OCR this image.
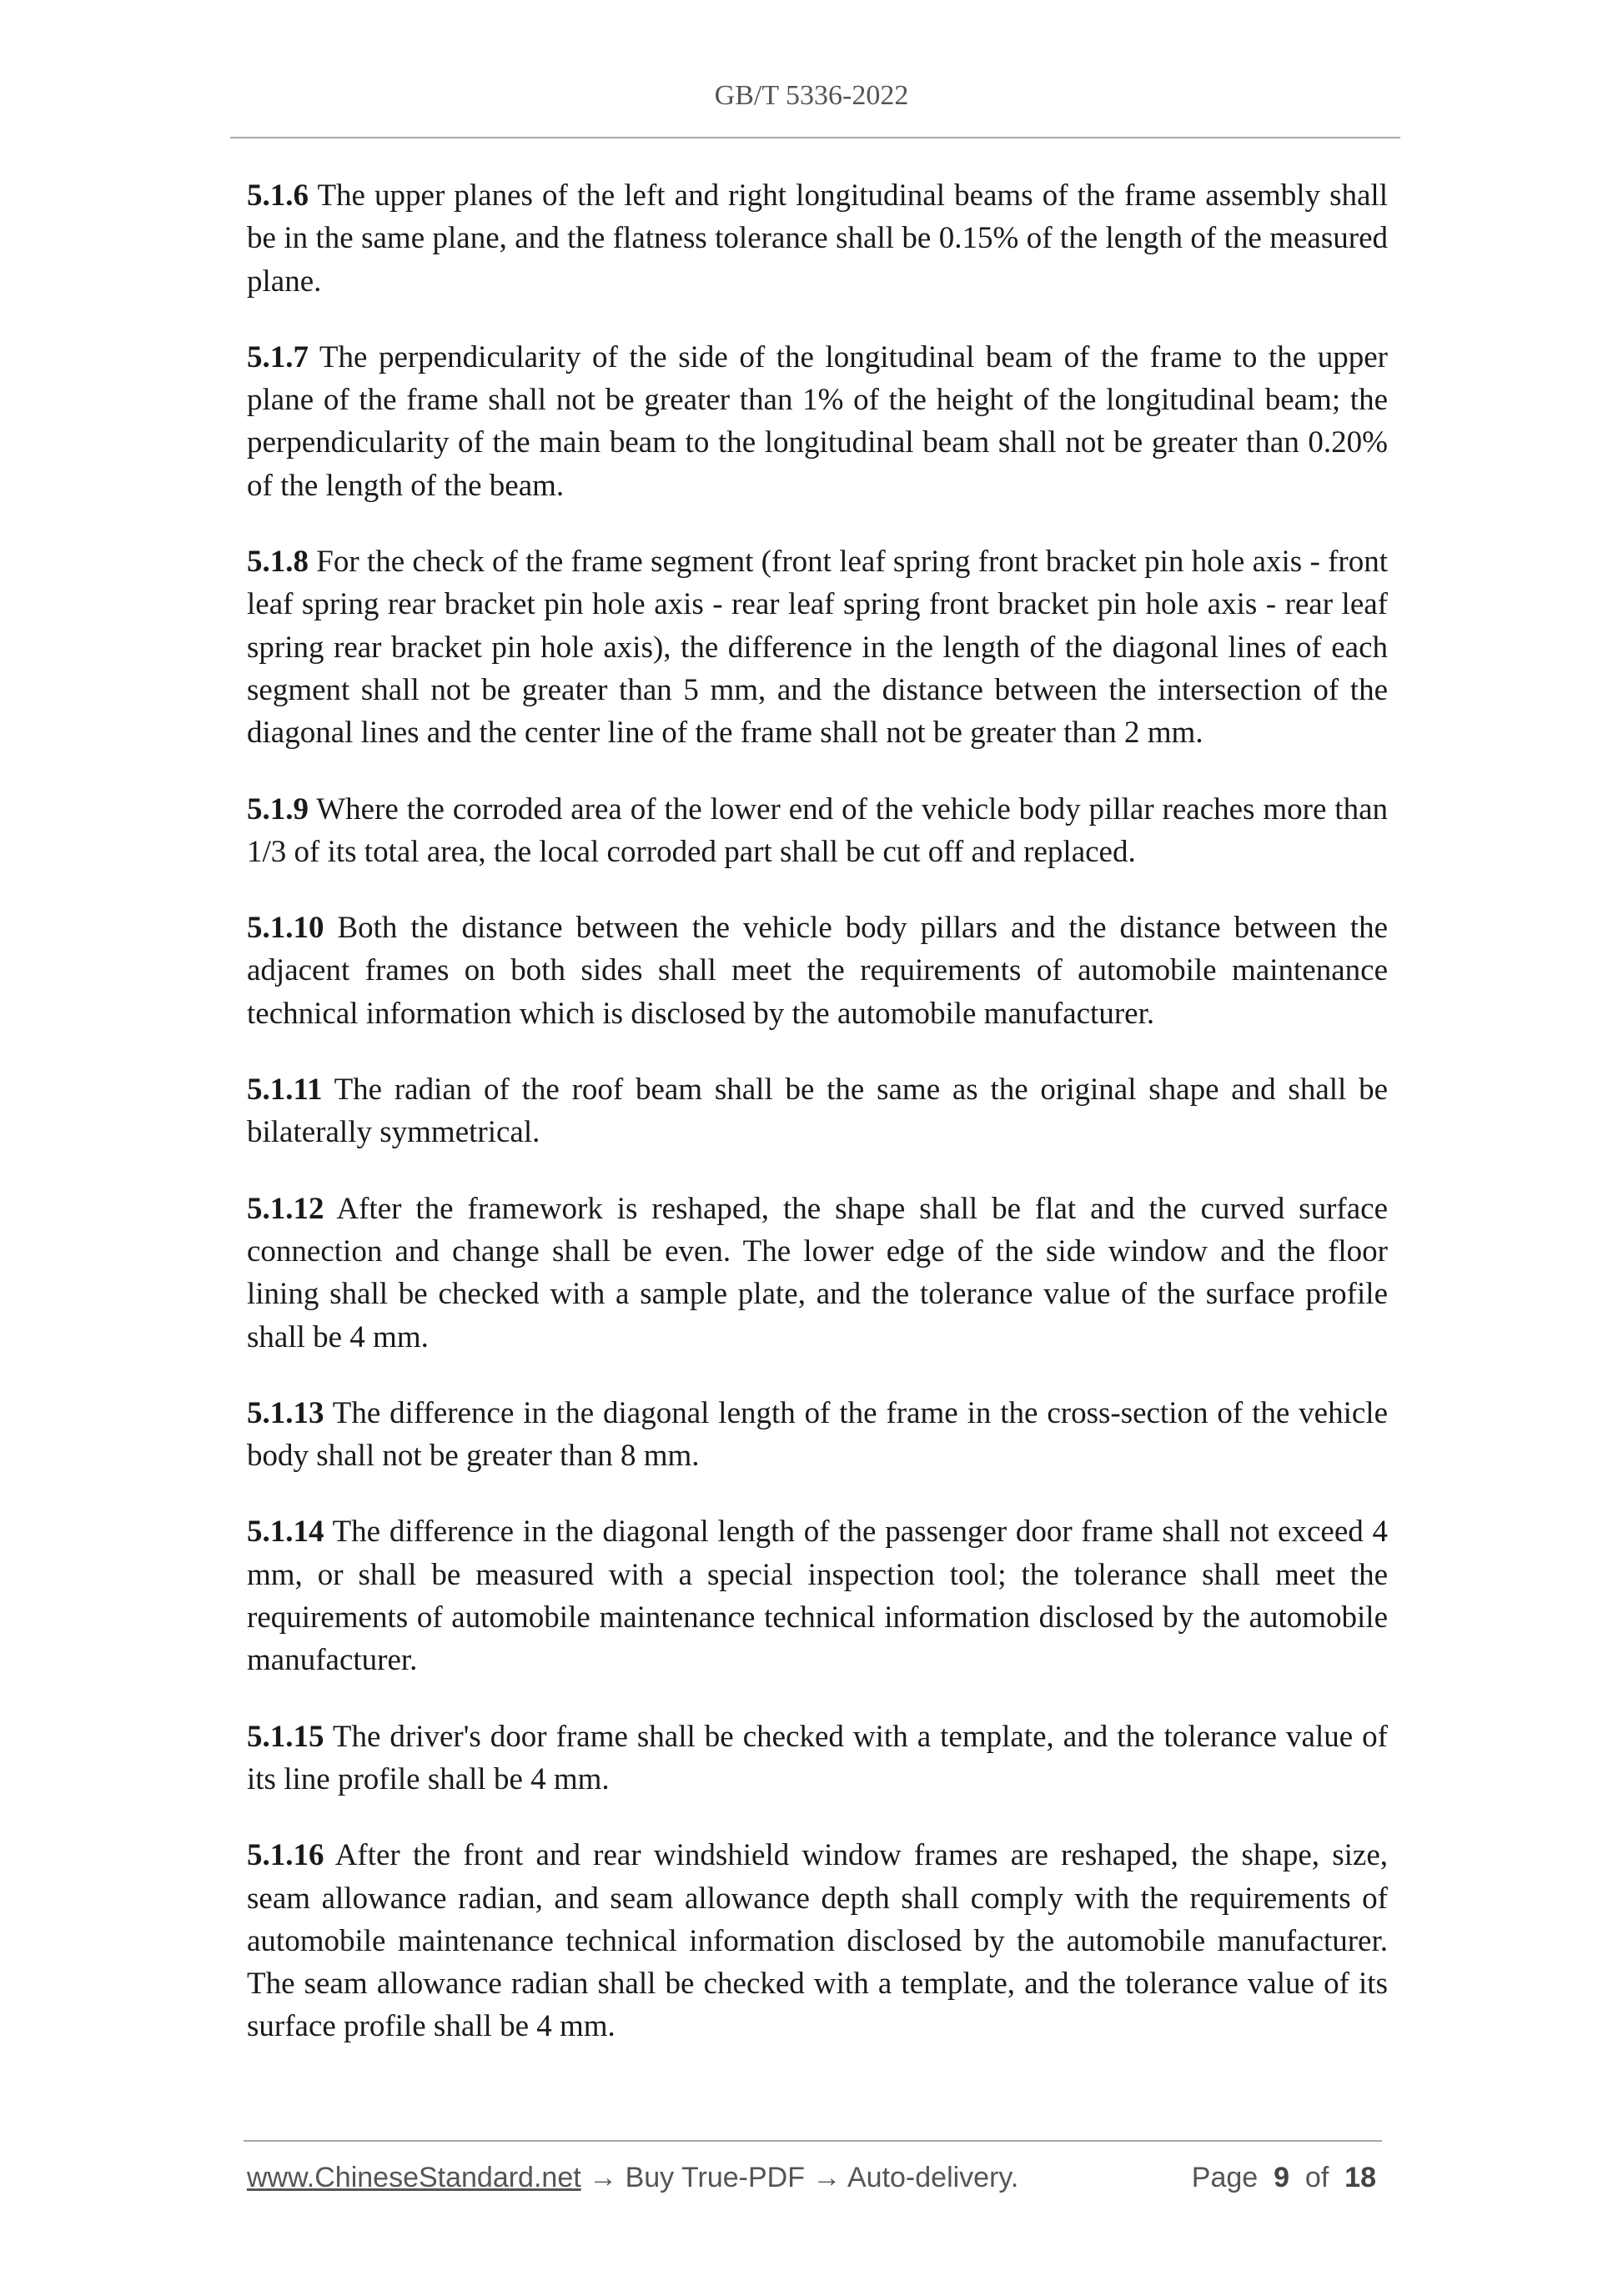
GB/T 5336-2022

5.1.6 The upper planes of the left and right longitudinal beams of the frame assembly shall be in the same plane, and the flatness tolerance shall be 0.15% of the length of the measured plane.

5.1.7 The perpendicularity of the side of the longitudinal beam of the frame to the upper plane of the frame shall not be greater than 1% of the height of the longitudinal beam; the perpendicularity of the main beam to the longitudinal beam shall not be greater than 0.20% of the length of the beam.

5.1.8 For the check of the frame segment (front leaf spring front bracket pin hole axis - front leaf spring rear bracket pin hole axis - rear leaf spring front bracket pin hole axis - rear leaf spring rear bracket pin hole axis), the difference in the length of the diagonal lines of each segment shall not be greater than 5 mm, and the distance between the intersection of the diagonal lines and the center line of the frame shall not be greater than 2 mm.

5.1.9 Where the corroded area of the lower end of the vehicle body pillar reaches more than 1/3 of its total area, the local corroded part shall be cut off and replaced.

5.1.10 Both the distance between the vehicle body pillars and the distance between the adjacent frames on both sides shall meet the requirements of automobile maintenance technical information which is disclosed by the automobile manufacturer.

5.1.11 The radian of the roof beam shall be the same as the original shape and shall be bilaterally symmetrical.

5.1.12 After the framework is reshaped, the shape shall be flat and the curved surface connection and change shall be even. The lower edge of the side window and the floor lining shall be checked with a sample plate, and the tolerance value of the surface profile shall be 4 mm.

5.1.13 The difference in the diagonal length of the frame in the cross-section of the vehicle body shall not be greater than 8 mm.

5.1.14 The difference in the diagonal length of the passenger door frame shall not exceed 4 mm, or shall be measured with a special inspection tool; the tolerance shall meet the requirements of automobile maintenance technical information disclosed by the automobile manufacturer.

5.1.15 The driver's door frame shall be checked with a template, and the tolerance value of its line profile shall be 4 mm.

5.1.16 After the front and rear windshield window frames are reshaped, the shape, size, seam allowance radian, and seam allowance depth shall comply with the requirements of automobile maintenance technical information disclosed by the automobile manufacturer. The seam allowance radian shall be checked with a template, and the tolerance value of its surface profile shall be 4 mm.

www.ChineseStandard.net → Buy True-PDF → Auto-delivery.	Page 9 of 18
